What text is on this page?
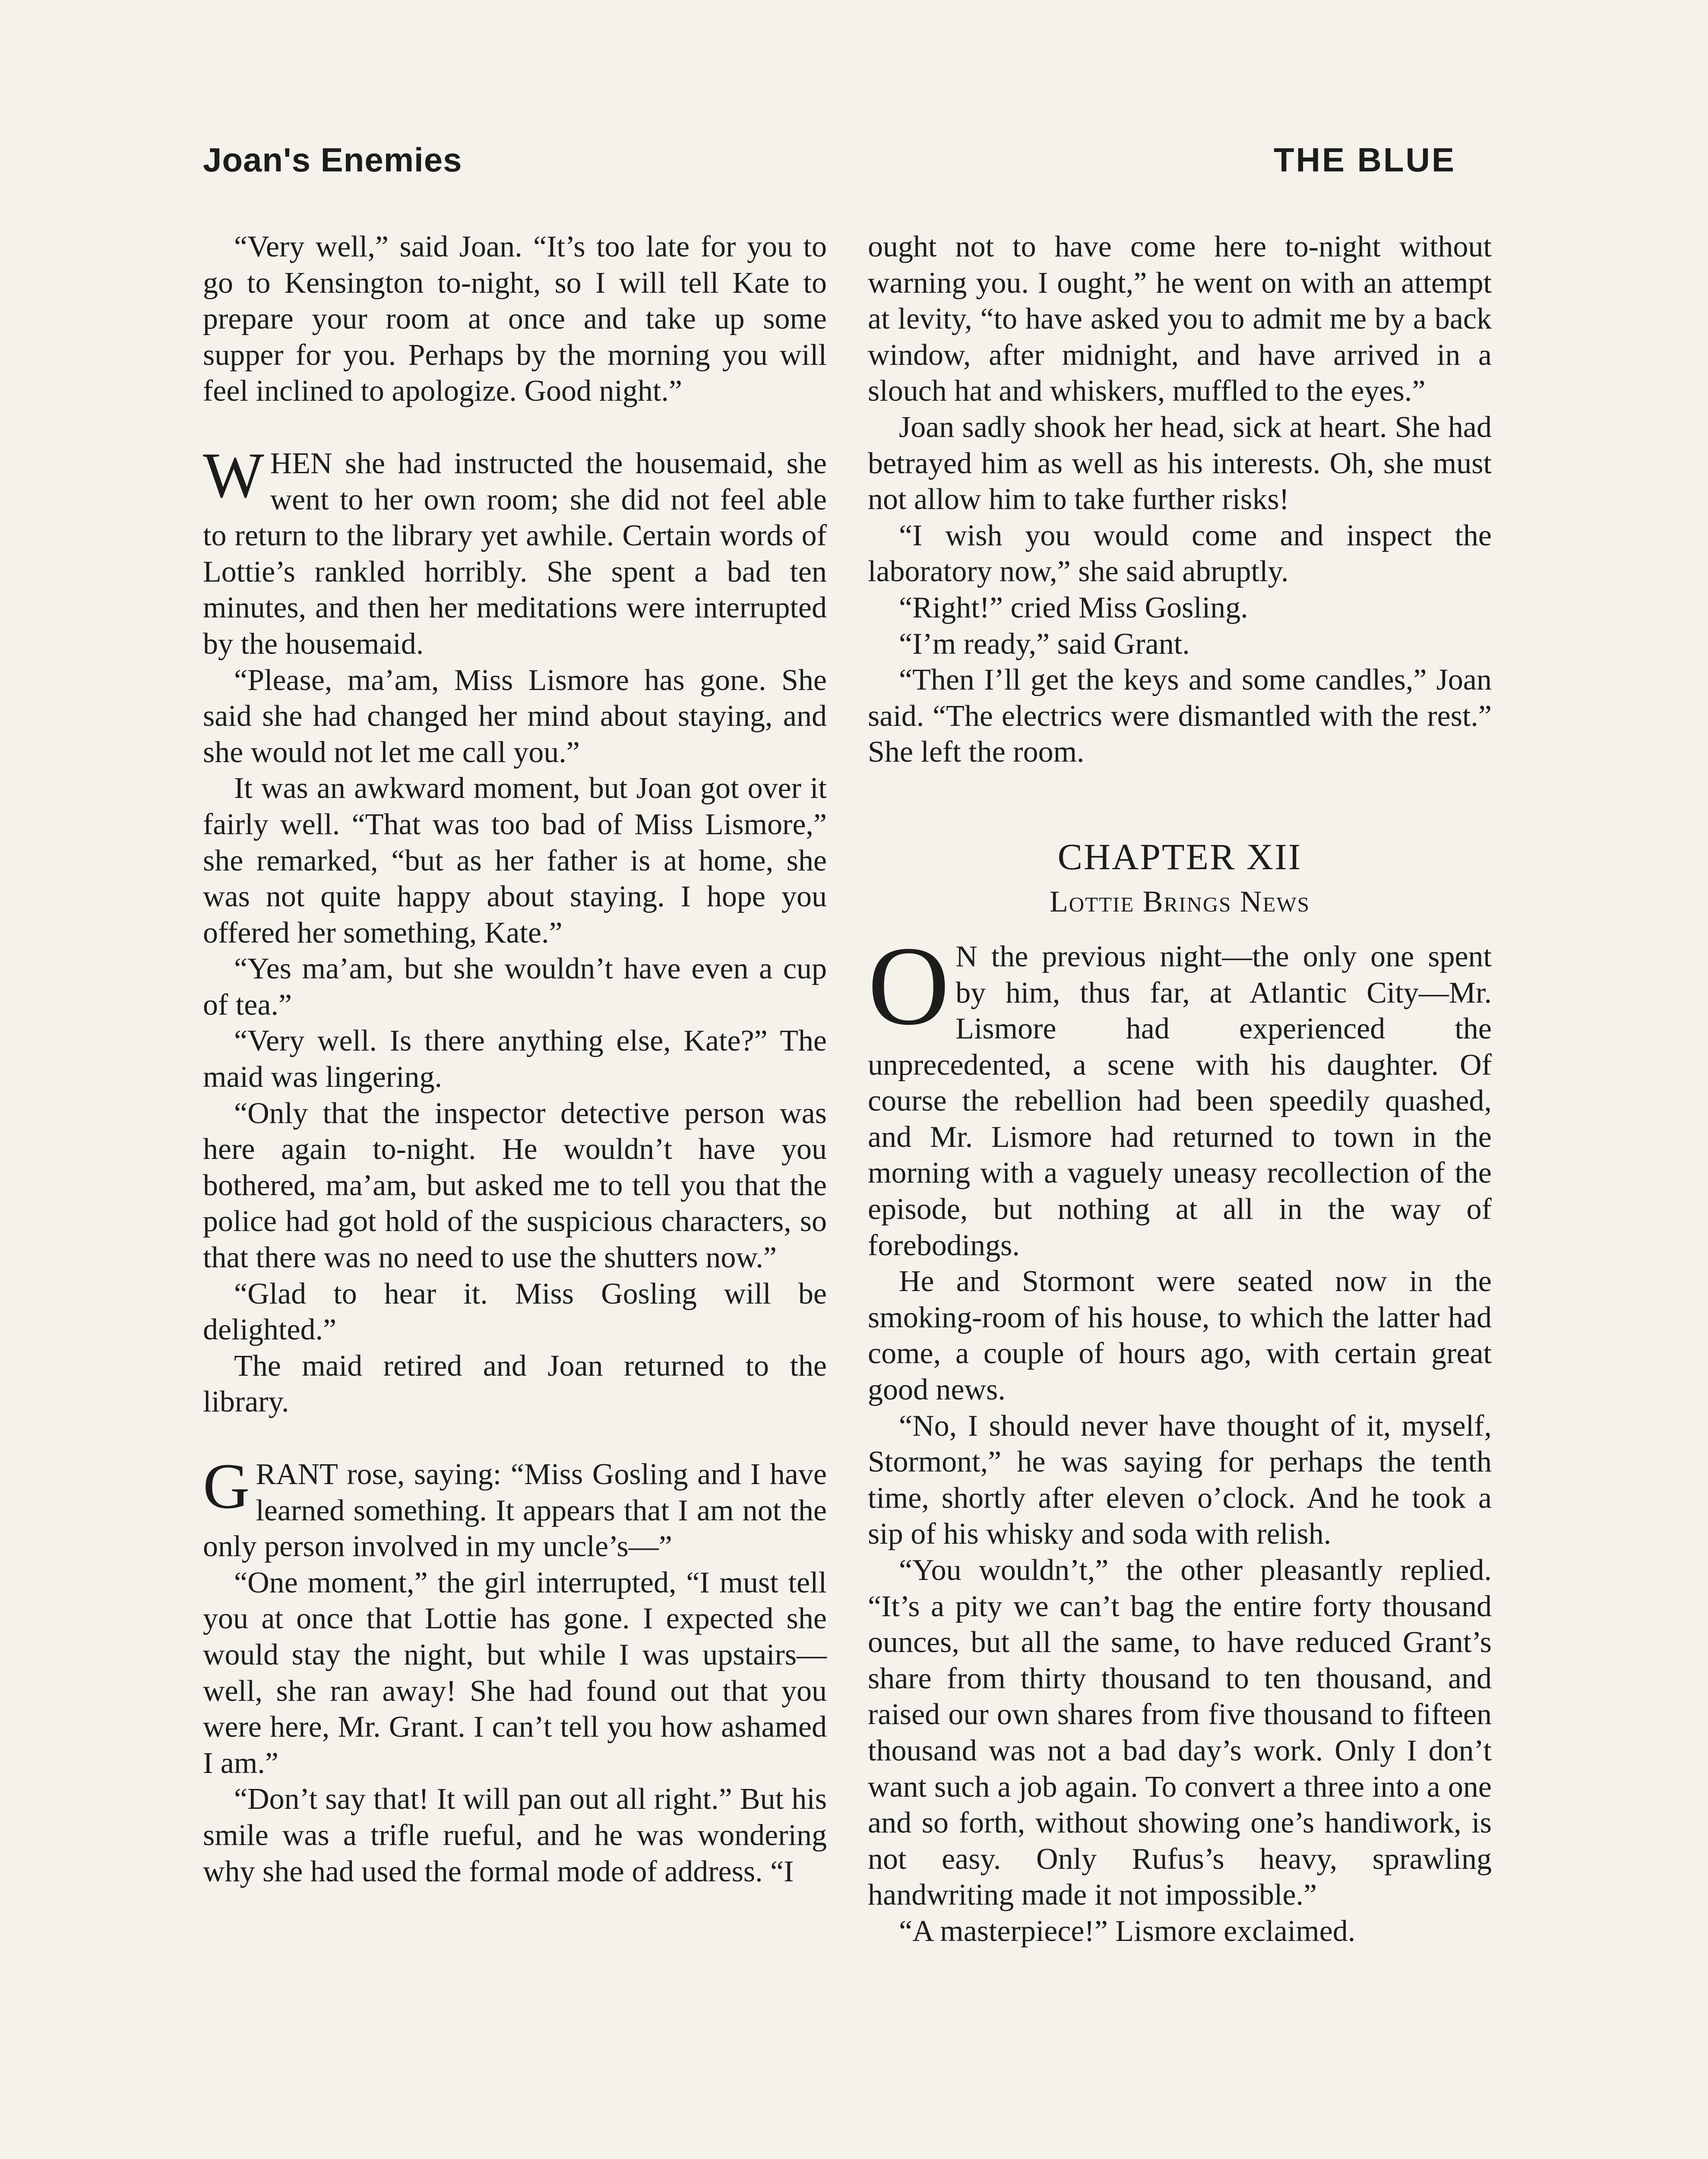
Joan's Enemies	THE BLUE

“Very well,” said Joan. “It’s too late for you to go to Kensington to-night, so I will tell Kate to prepare your room at once and take up some supper for you. Perhaps by the morning you will feel inclined to apologize. Good night.”

WHEN she had instructed the housemaid, she went to her own room; she did not feel able to return to the library yet awhile. Certain words of Lottie’s rankled horribly. She spent a bad ten minutes, and then her meditations were interrupted by the housemaid.

“Please, ma’am, Miss Lismore has gone. She said she had changed her mind about staying, and she would not let me call you.”

It was an awkward moment, but Joan got over it fairly well. “That was too bad of Miss Lismore,” she remarked, “but as her father is at home, she was not quite happy about staying. I hope you offered her something, Kate.”

“Yes ma’am, but she wouldn’t have even a cup of tea.”

“Very well. Is there anything else, Kate?” The maid was lingering.

“Only that the inspector detective person was here again to-night. He wouldn’t have you bothered, ma’am, but asked me to tell you that the police had got hold of the suspicious characters, so that there was no need to use the shutters now.”

“Glad to hear it. Miss Gosling will be delighted.”

The maid retired and Joan returned to the library.

GRANT rose, saying: “Miss Gosling and I have learned something. It appears that I am not the only person involved in my uncle’s—”

“One moment,” the girl interrupted, “I must tell you at once that Lottie has gone. I expected she would stay the night, but while I was upstairs—well, she ran away! She had found out that you were here, Mr. Grant. I can’t tell you how ashamed I am.”

“Don’t say that! It will pan out all right.” But his smile was a trifle rueful, and he was wondering why she had used the formal mode of address. “I

ought not to have come here to-night without warning you. I ought,” he went on with an attempt at levity, “to have asked you to admit me by a back window, after midnight, and have arrived in a slouch hat and whiskers, muffled to the eyes.”

Joan sadly shook her head, sick at heart. She had betrayed him as well as his interests. Oh, she must not allow him to take further risks!

“I wish you would come and inspect the laboratory now,” she said abruptly.

“Right!” cried Miss Gosling.

“I’m ready,” said Grant.

“Then I’ll get the keys and some candles,” Joan said. “The electrics were dismantled with the rest.” She left the room.

CHAPTER XII
Lottie Brings News

O N the previous night—the only one spent by him, thus far, at Atlantic City—Mr. Lismore had experienced the unprecedented, a scene with his daughter. Of course the rebellion had been speedily quashed, and Mr. Lismore had returned to town in the morning with a vaguely uneasy recollection of the episode, but nothing at all in the way of forebodings.

He and Stormont were seated now in the smoking-room of his house, to which the latter had come, a couple of hours ago, with certain great good news.

“No, I should never have thought of it, myself, Stormont,” he was saying for perhaps the tenth time, shortly after eleven o’clock. And he took a sip of his whisky and soda with relish.

“You wouldn’t,” the other pleasantly replied. “It’s a pity we can’t bag the entire forty thousand ounces, but all the same, to have reduced Grant’s share from thirty thousand to ten thousand, and raised our own shares from five thousand to fifteen thousand was not a bad day’s work. Only I don’t want such a job again. To convert a three into a one and so forth, without showing one’s handiwork, is not easy. Only Rufus’s heavy, sprawling handwriting made it not impossible.”

“A masterpiece!” Lismore exclaimed.
